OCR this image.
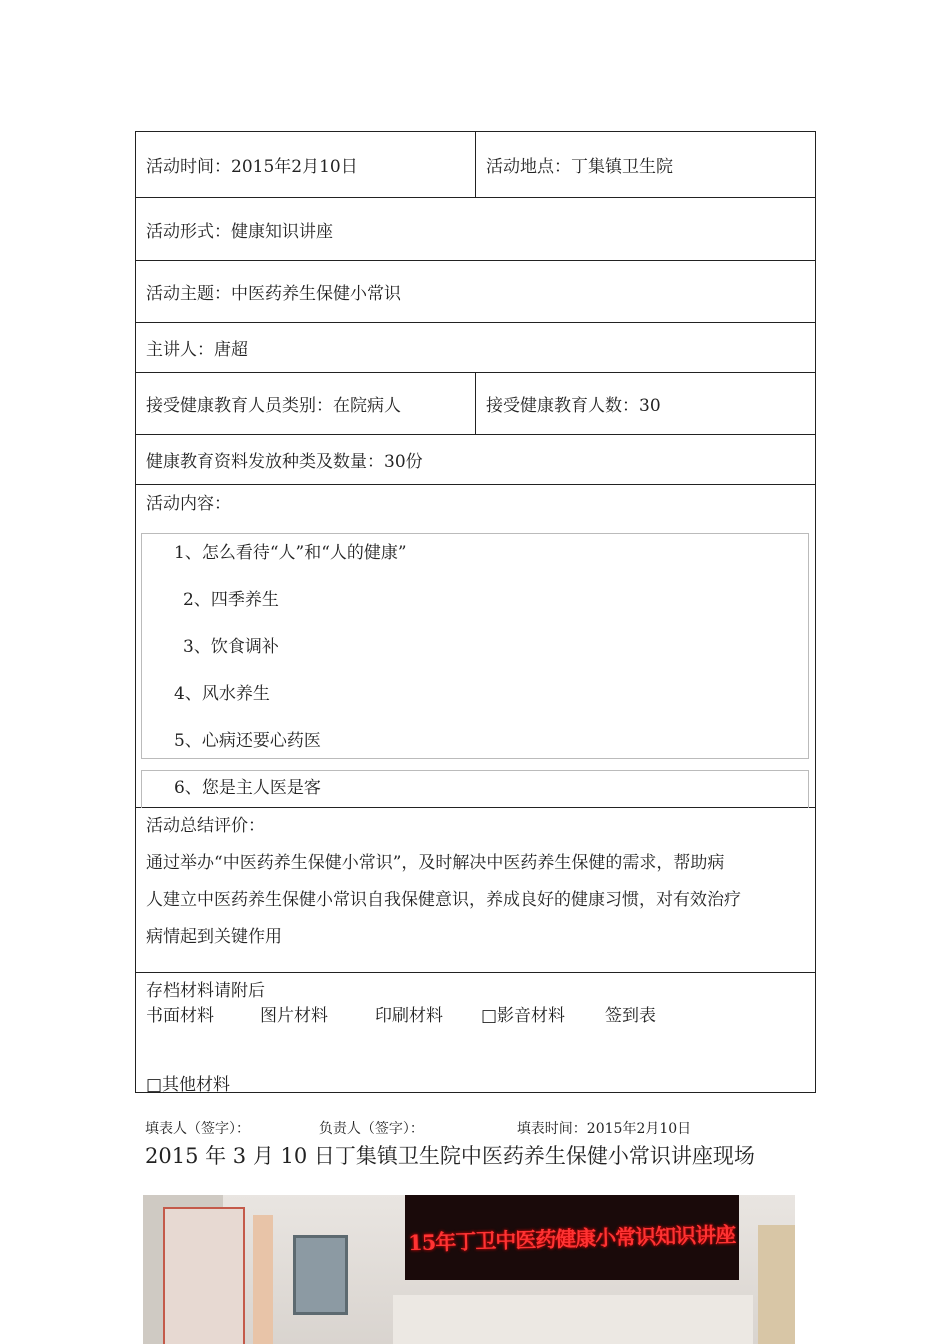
活动时间：2015年2月10日	活动地点：丁集镇卫生院
活动形式：健康知识讲座
活动主题：中医药养生保健小常识
主讲人：唐超
接受健康教育人员类别：在院病人	接受健康教育人数：30
健康教育资料发放种类及数量：30份
活动内容：
1、怎么看待“人”和“人的健康”
2、四季养生
3、饮食调补
4、风水养生
5、心病还要心药医
6、您是主人医是客
活动总结评价：
通过举办“中医药养生保健小常识”，及时解决中医药养生保健的需求，帮助病
人建立中医药养生保健小常识自我保健意识，养成良好的健康习惯，对有效治疗
病情起到关键作用
存档材料请附后
书面材料	图片材料	印刷材料 □影音材料 签到表
□其他材料
填表人（签字）：	负责人（签字）：	填表时间：2015年2月10日
2015 年 3 月 10 日丁集镇卫生院中医药养生保健小常识讲座现场
15年丁卫中医药健康小常识知识讲座
